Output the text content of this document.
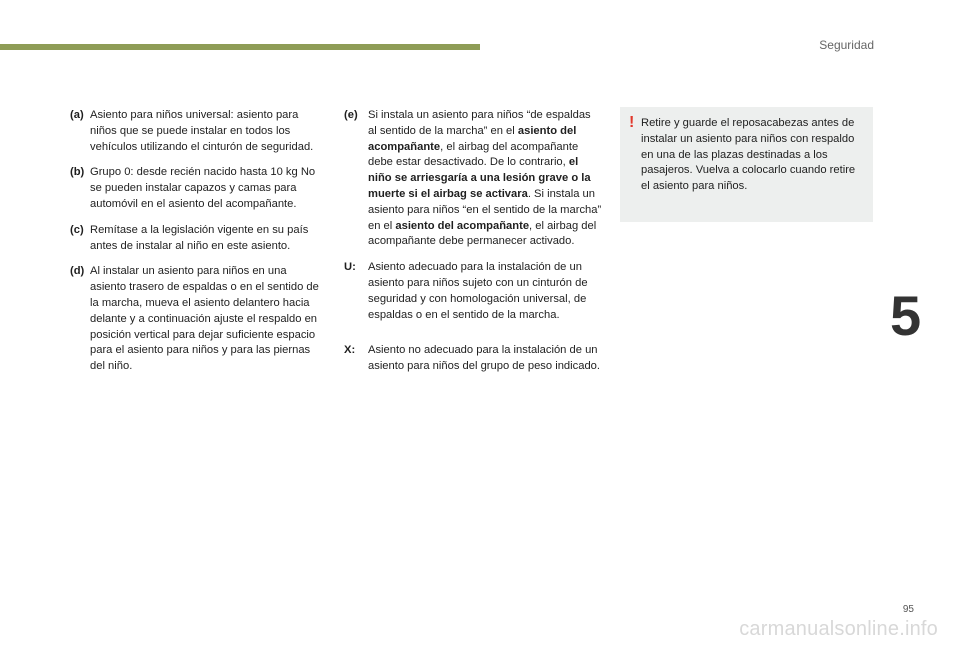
Seguridad
5
(a) Asiento para niños universal: asiento para niños que se puede instalar en todos los vehículos utilizando el cinturón de seguridad.
(b) Grupo 0: desde recién nacido hasta 10 kg No se pueden instalar capazos y camas para automóvil en el asiento del acompañante.
(c) Remítase a la legislación vigente en su país antes de instalar al niño en este asiento.
(d) Al instalar un asiento para niños en una asiento trasero de espaldas o en el sentido de la marcha, mueva el asiento delantero hacia delante y a continuación ajuste el respaldo en posición vertical para dejar suficiente espacio para el asiento para niños y para las piernas del niño.
(e) Si instala un asiento para niños “de espaldas al sentido de la marcha” en el asiento del acompañante, el airbag del acompañante debe estar desactivado. De lo contrario, el niño se arriesgaría a una lesión grave o la muerte si el airbag se activara. Si instala un asiento para niños “en el sentido de la marcha” en el asiento del acompañante, el airbag del acompañante debe permanecer activado.
U:	Asiento adecuado para la instalación de un asiento para niños sujeto con un cinturón de seguridad y con homologación universal, de espaldas o en el sentido de la marcha.
X:	Asiento no adecuado para la instalación de un asiento para niños del grupo de peso indicado.
! Retire y guarde el reposacabezas antes de instalar un asiento para niños con respaldo en una de las plazas destinadas a los pasajeros. Vuelva a colocarlo cuando retire el asiento para niños.
95
carmanualsonline.info
